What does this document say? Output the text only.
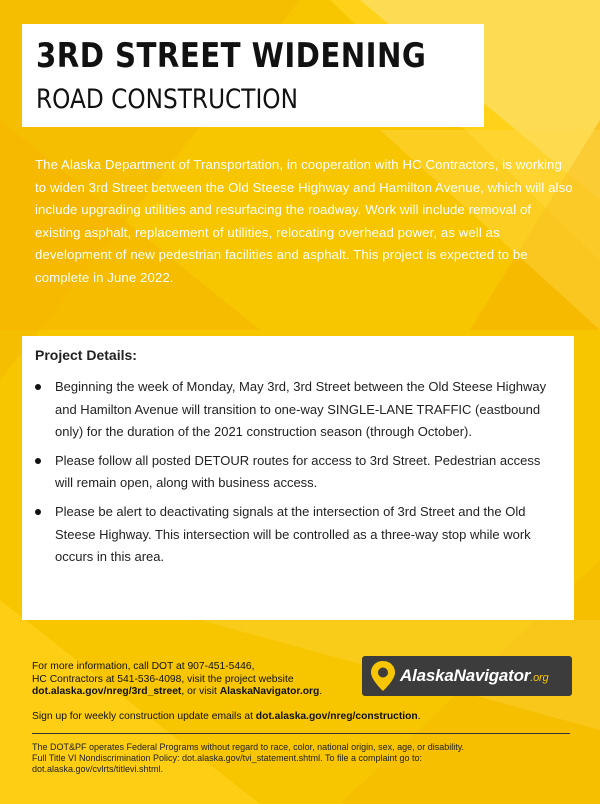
3RD STREET WIDENING
ROAD CONSTRUCTION
The Alaska Department of Transportation, in cooperation with HC Contractors, is working to widen 3rd Street between the Old Steese Highway and Hamilton Avenue, which will also include upgrading utilities and resurfacing the roadway. Work will include removal of existing asphalt, replacement of utilities, relocating overhead power, as well as development of new pedestrian facilities and asphalt. This project is expected to be complete in June 2022.
Project Details:
Beginning the week of Monday, May 3rd, 3rd Street between the Old Steese Highway and Hamilton Avenue will transition to one-way SINGLE-LANE TRAFFIC (eastbound only) for the duration of the 2021 construction season (through October).
Please follow all posted DETOUR routes for access to 3rd Street. Pedestrian access will remain open, along with business access.
Please be alert to deactivating signals at the intersection of 3rd Street and the Old Steese Highway. This intersection will be controlled as a three-way stop while work occurs in this area.
For more information, call DOT at 907-451-5446,
HC Contractors at 541-536-4098, visit the project website
dot.alaska.gov/nreg/3rd_street, or visit AlaskaNavigator.org.
Sign up for weekly construction update emails at dot.alaska.gov/nreg/construction.
AlaskaNavigator.org
The DOT&PF operates Federal Programs without regard to race, color, national origin, sex, age, or disability.
Full Title VI Nondiscrimination Policy: dot.alaska.gov/tvi_statement.shtml. To file a complaint go to:
dot.alaska.gov/cvlrts/titlevi.shtml.
